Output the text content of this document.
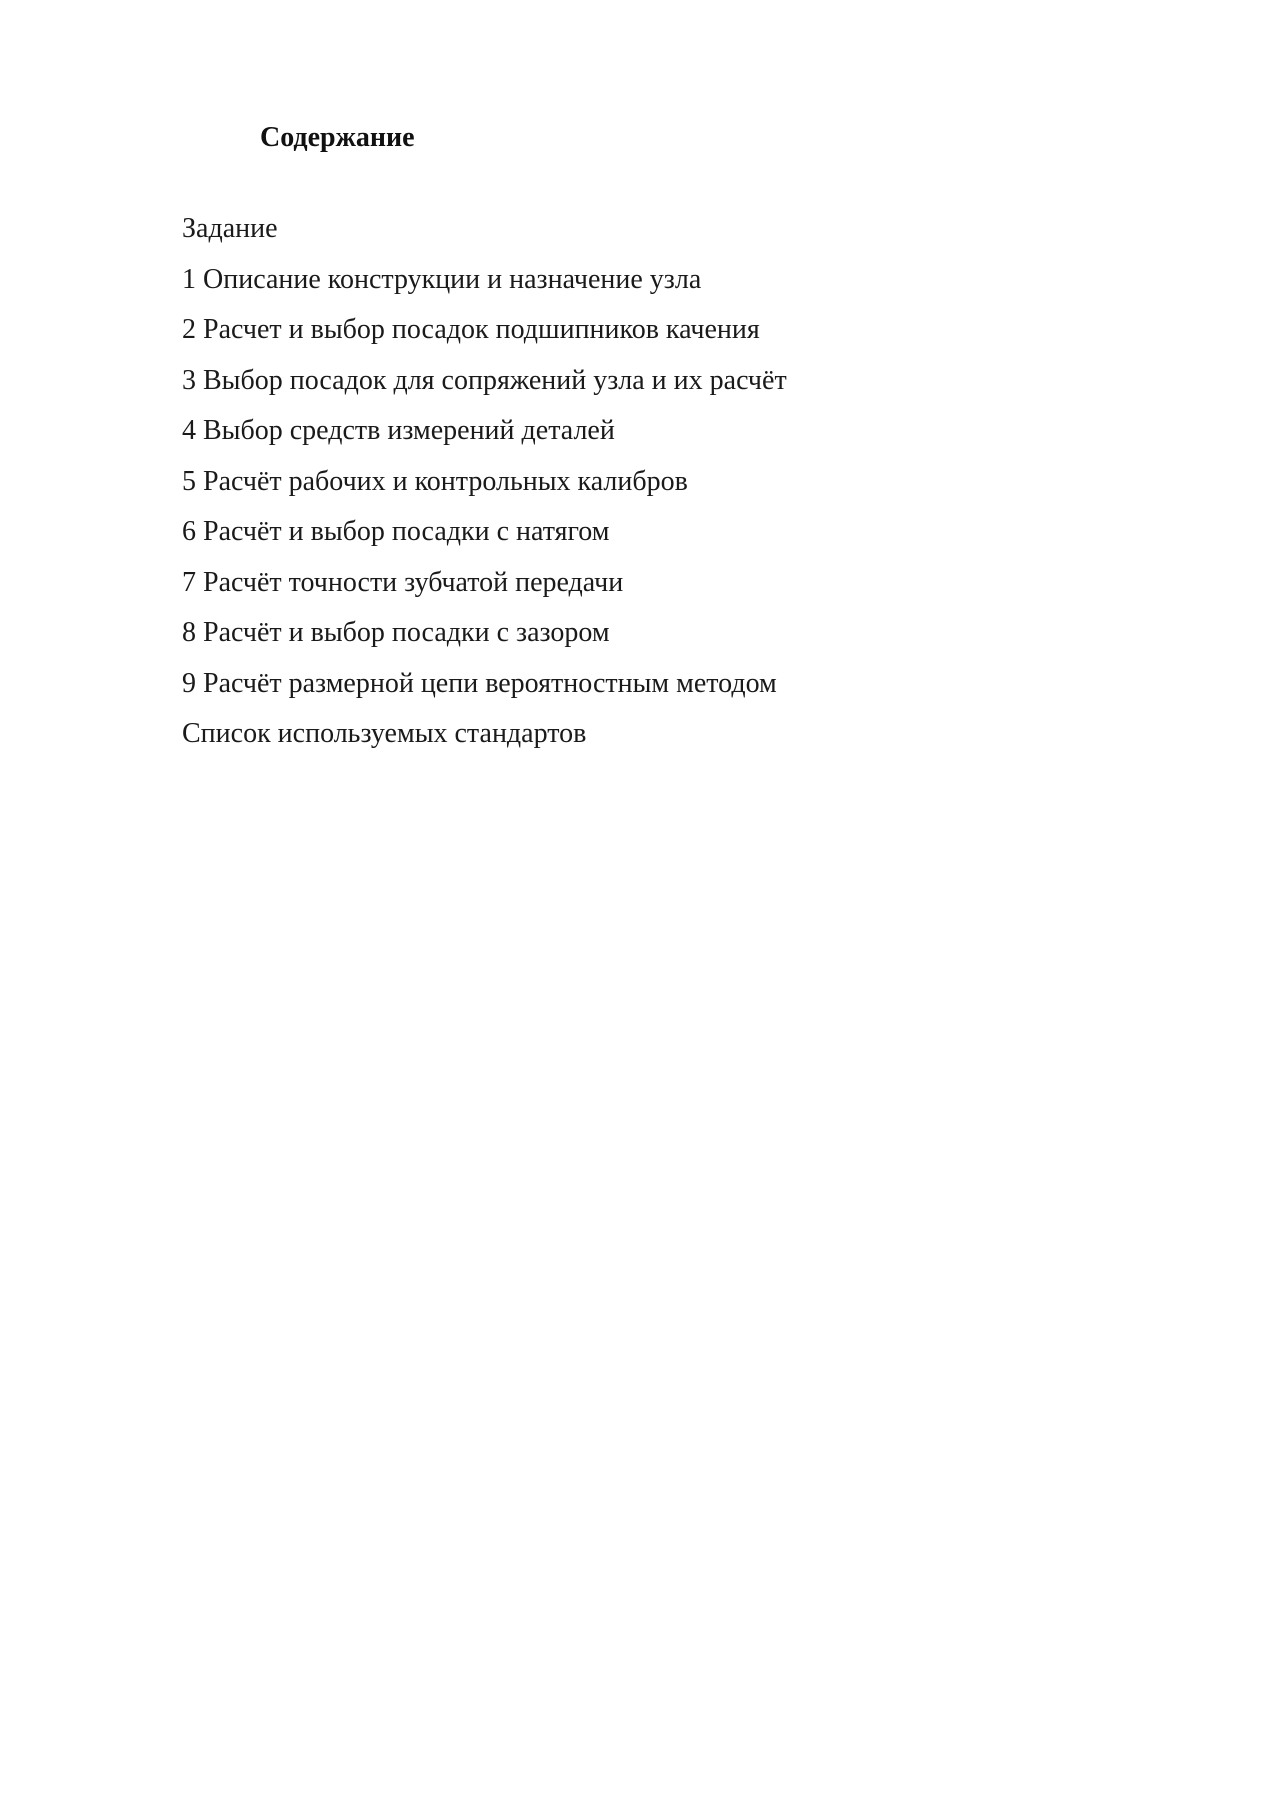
Содержание
Задание
1 Описание конструкции и назначение узла
2 Расчет и выбор посадок подшипников качения
3 Выбор посадок для сопряжений узла и их расчёт
4 Выбор средств измерений деталей
5 Расчёт рабочих и контрольных калибров
6 Расчёт и выбор посадки с натягом
7 Расчёт точности зубчатой передачи
8 Расчёт и выбор посадки с зазором
9 Расчёт размерной цепи вероятностным методом
Список используемых стандартов
